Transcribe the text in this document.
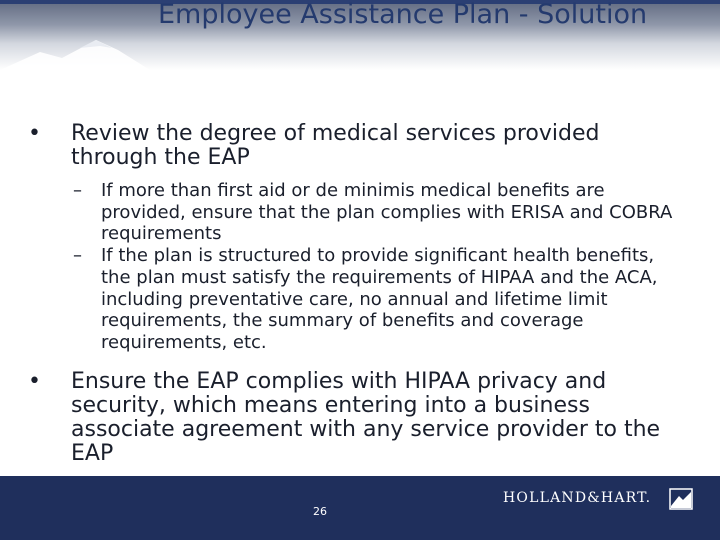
Employee Assistance Plan - Solution
• Review the degree of medical services provided through the EAP
– If more than first aid or de minimis medical benefits are provided, ensure that the plan complies with ERISA and COBRA requirements
– If the plan is structured to provide significant health benefits, the plan must satisfy the requirements of HIPAA and the ACA, including preventative care, no annual and lifetime limit requirements, the summary of benefits and coverage requirements, etc.
• Ensure the EAP complies with HIPAA privacy and security, which means entering into a business associate agreement with any service provider to the EAP
26
HOLLAND&HART.
